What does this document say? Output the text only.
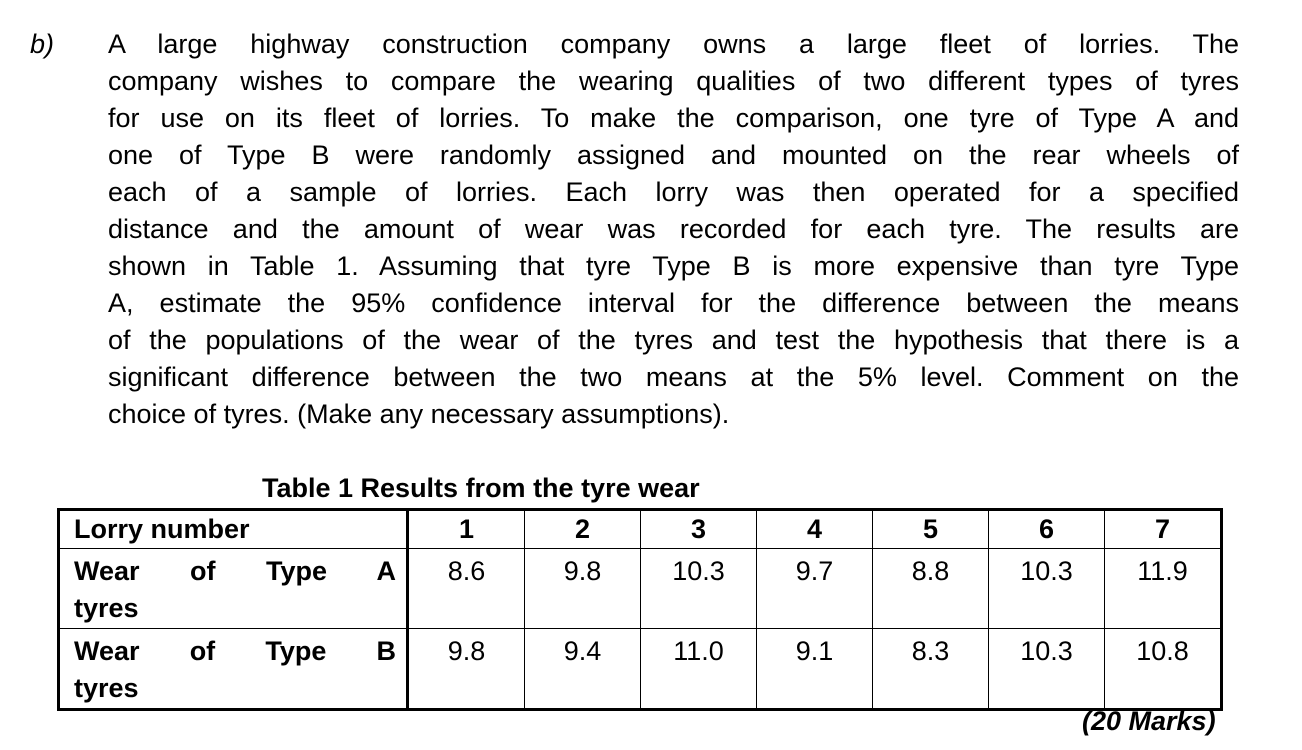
b) A large highway construction company owns a large fleet of lorries. The
company wishes to compare the wearing qualities of two different types of tyres
for use on its fleet of lorries. To make the comparison, one tyre of Type A and
one of Type B were randomly assigned and mounted on the rear wheels of
each of a sample of lorries. Each lorry was then operated for a specified
distance and the amount of wear was recorded for each tyre. The results are
shown in Table 1. Assuming that tyre Type B is more expensive than tyre Type
A, estimate the 95% confidence interval for the difference between the means
of the populations of the wear of the tyres and test the hypothesis that there is a
significant difference between the two means at the 5% level. Comment on the
choice of tyres. (Make any necessary assumptions).
Table 1 Results from the tyre wear
Lorry number	1	2	3	4	5	6	7

Wear of Type A
tyres	8.6	9.8	10.3	9.7	8.8	10.3	11.9

Wear of Type B
tyres	9.8	9.4	11.0	9.1	8.3	10.3	10.8
(20 Marks)
